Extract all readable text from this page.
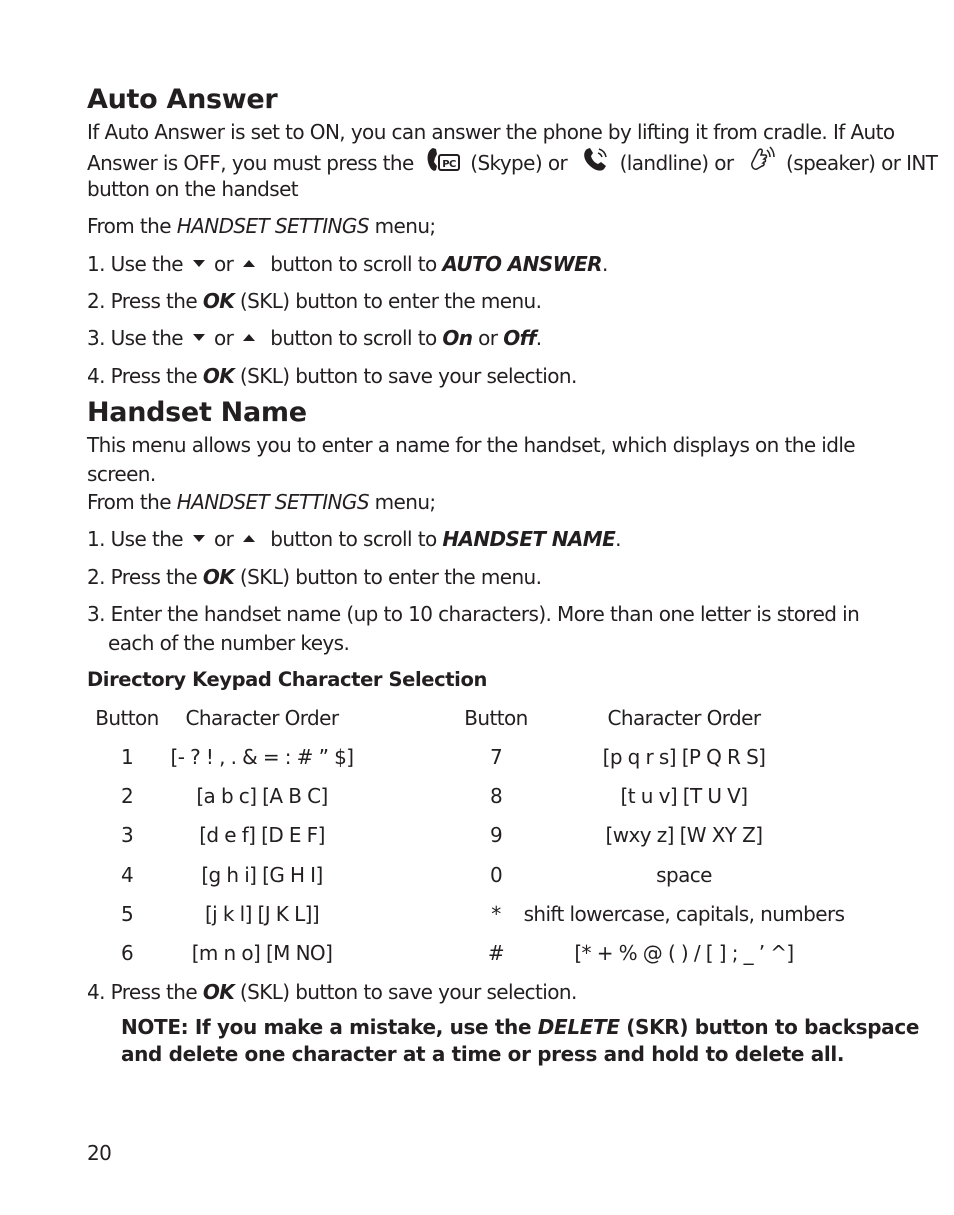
Auto Answer
If Auto Answer is set to ON, you can answer the phone by lifting it from cradle. If Auto
Answer is OFF, you must press the	PC (Skype) or	(landline) or	(speaker) or INT
button on the handset
From the HANDSET SETTINGS menu;
1. Use the or button to scroll to AUTO ANSWER.
2. Press the OK (SKL) button to enter the menu.
3. Use the or button to scroll to On or Off.
4. Press the OK (SKL) button to save your selection.
Handset Name
This menu allows you to enter a name for the handset, which displays on the idle
screen.
From the HANDSET SETTINGS menu;
1. Use the or button to scroll to HANDSET NAME.
2. Press the OK (SKL) button to enter the menu.
3. Enter the handset name (up to 10 characters). More than one letter is stored in
each of the number keys.
Directory Keypad Character Selection
Button	Character Order	Button	Character Order
1	[- ? ! , . & = : # ” $]	7	[p q r s] [P Q R S]
2	[a b c] [A B C]	8	[t u v] [T U V]
3	[d e f] [D E F]	9	[wxy z] [W XY Z]
4	[g h i] [G H I]	0	space
5	[j k l] [J K L]]	*	shift lowercase, capitals, numbers
6	[m n o] [M NO]	#	[* + % @ ( ) / [ ] ; _ ’ ^]
4. Press the OK (SKL) button to save your selection.
NOTE: If you make a mistake, use the DELETE (SKR) button to backspace
and delete one character at a time or press and hold to delete all.
20
